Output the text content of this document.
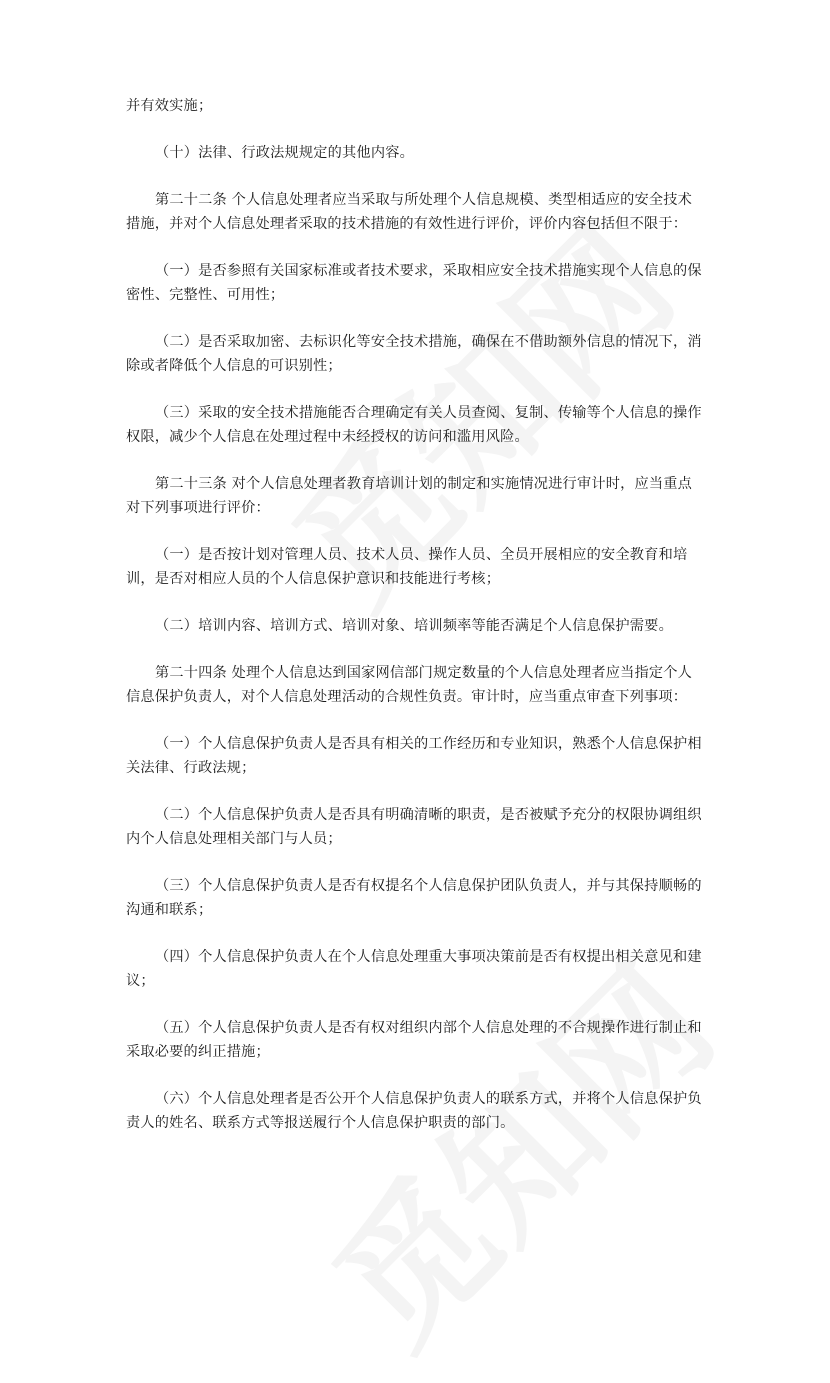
并有效实施；

（十）法律、行政法规规定的其他内容。

第二十二条 个人信息处理者应当采取与所处理个人信息规模、类型相适应的安全技术措施，并对个人信息处理者采取的技术措施的有效性进行评价，评价内容包括但不限于：

（一）是否参照有关国家标准或者技术要求，采取相应安全技术措施实现个人信息的保密性、完整性、可用性；

（二）是否采取加密、去标识化等安全技术措施，确保在不借助额外信息的情况下，消除或者降低个人信息的可识别性；

（三）采取的安全技术措施能否合理确定有关人员查阅、复制、传输等个人信息的操作权限，减少个人信息在处理过程中未经授权的访问和滥用风险。

第二十三条 对个人信息处理者教育培训计划的制定和实施情况进行审计时，应当重点对下列事项进行评价：

（一）是否按计划对管理人员、技术人员、操作人员、全员开展相应的安全教育和培训，是否对相应人员的个人信息保护意识和技能进行考核；

（二）培训内容、培训方式、培训对象、培训频率等能否满足个人信息保护需要。

第二十四条 处理个人信息达到国家网信部门规定数量的个人信息处理者应当指定个人信息保护负责人，对个人信息处理活动的合规性负责。审计时，应当重点审查下列事项：

（一）个人信息保护负责人是否具有相关的工作经历和专业知识，熟悉个人信息保护相关法律、行政法规；

（二）个人信息保护负责人是否具有明确清晰的职责，是否被赋予充分的权限协调组织内个人信息处理相关部门与人员；

（三）个人信息保护负责人是否有权提名个人信息保护团队负责人，并与其保持顺畅的沟通和联系；

（四）个人信息保护负责人在个人信息处理重大事项决策前是否有权提出相关意见和建议；

（五）个人信息保护负责人是否有权对组织内部个人信息处理的不合规操作进行制止和采取必要的纠正措施；

（六）个人信息处理者是否公开个人信息保护负责人的联系方式，并将个人信息保护负责人的姓名、联系方式等报送履行个人信息保护职责的部门。
